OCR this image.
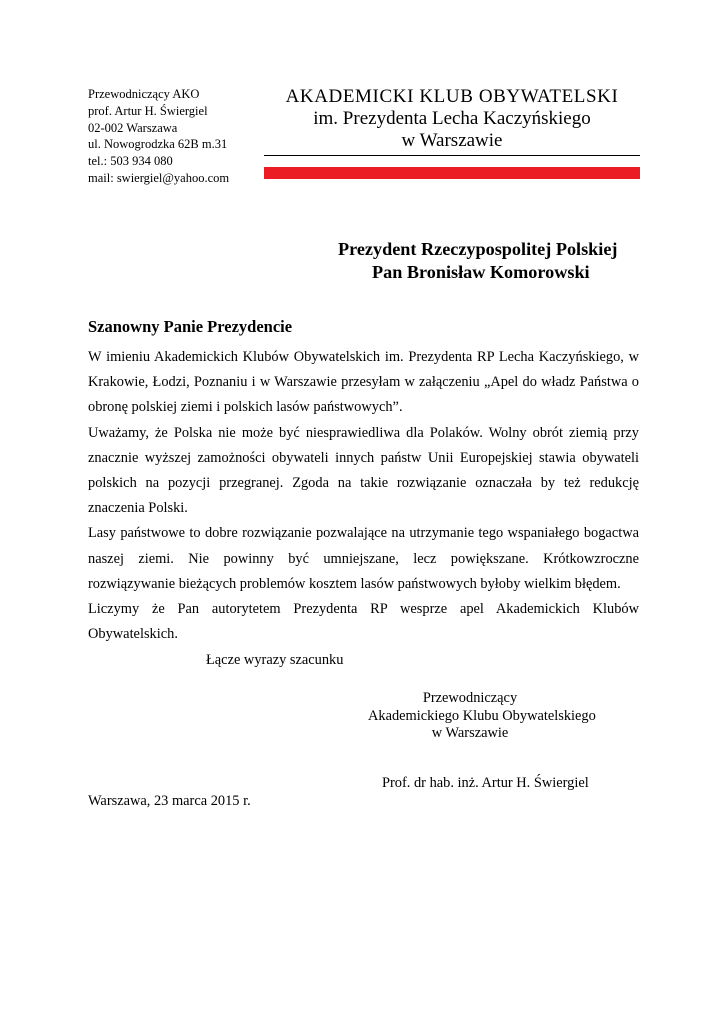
Przewodniczący AKO
prof. Artur H. Świergiel
02-002 Warszawa
ul. Nowogrodzka 62B m.31
tel.: 503 934 080
mail: swiergiel@yahoo.com
AKADEMICKI KLUB OBYWATELSKI
im. Prezydenta Lecha Kaczyńskiego
w Warszawie
Prezydent Rzeczypospolitej Polskiej
Pan Bronisław Komorowski
Szanowny Panie Prezydencie

W imieniu Akademickich Klubów Obywatelskich im. Prezydenta RP Lecha Kaczyńskiego, w Krakowie, Łodzi, Poznaniu i w Warszawie przesyłam w załączeniu „Apel do władz Państwa o obronę polskiej ziemi i polskich lasów państwowych”.

Uważamy, że Polska nie może być niesprawiedliwa dla Polaków. Wolny obrót ziemią przy znacznie wyższej zamożności obywateli innych państw Unii Europejskiej stawia obywateli polskich na pozycji przegranej. Zgoda na takie rozwiązanie oznaczała by też redukcję znaczenia Polski.

Lasy państwowe to dobre rozwiązanie pozwalające na utrzymanie tego wspaniałego bogactwa naszej ziemi. Nie powinny być umniejszane, lecz powiększane. Krótkowzroczne rozwiązywanie bieżących problemów kosztem lasów państwowych byłoby wielkim błędem.

Liczymy że Pan autorytetem Prezydenta RP wesprze apel Akademickich Klubów Obywatelskich.

Łącze wyrazy szacunku
Przewodniczący
Akademickiego Klubu Obywatelskiego
w Warszawie
Prof. dr hab. inż. Artur H. Świergiel
Warszawa, 23 marca 2015 r.
